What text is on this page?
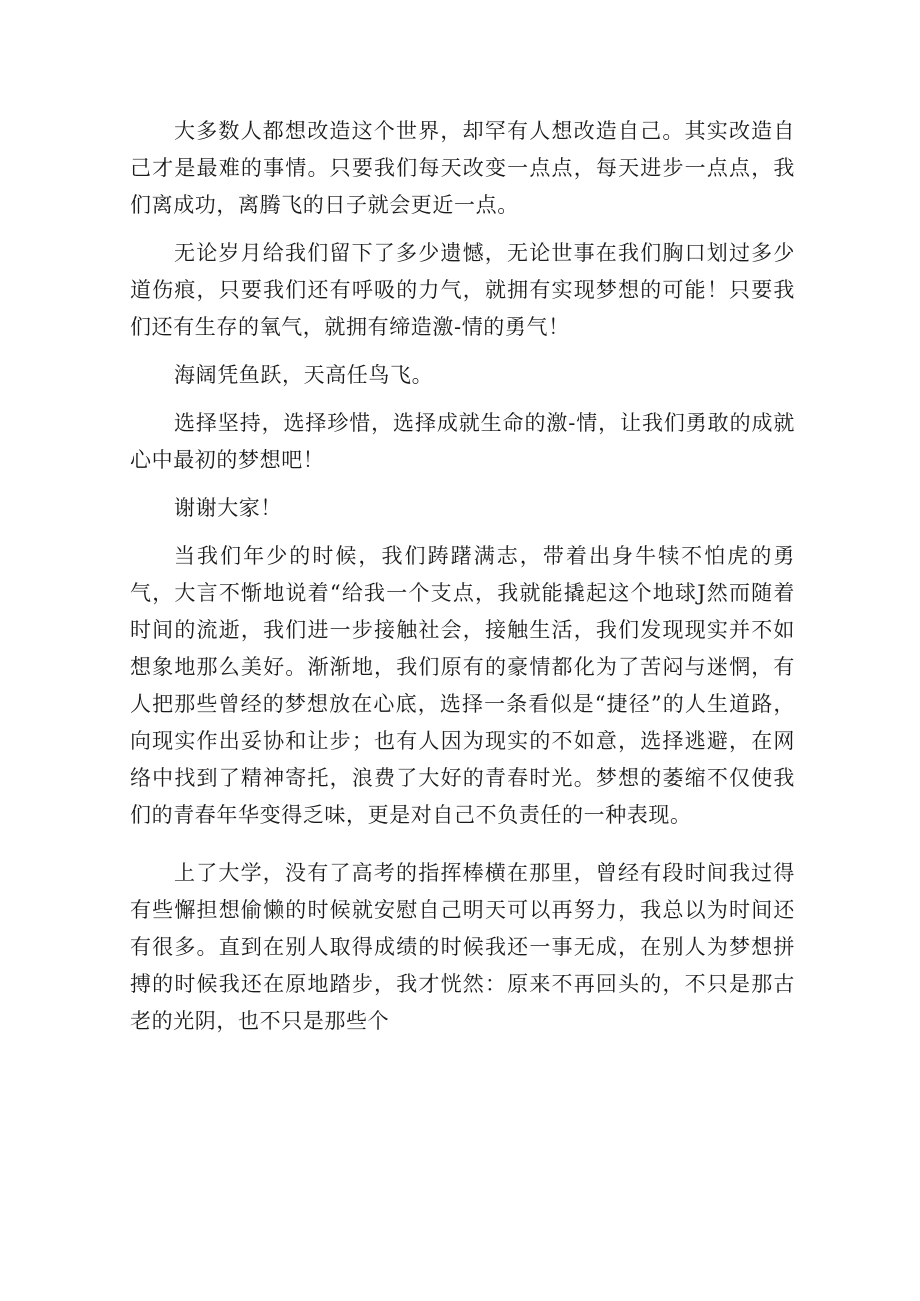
大多数人都想改造这个世界，却罕有人想改造自己。其实改造自己才是最难的事情。只要我们每天改变一点点，每天进步一点点，我们离成功，离腾飞的日子就会更近一点。

无论岁月给我们留下了多少遗憾，无论世事在我们胸口划过多少道伤痕，只要我们还有呼吸的力气，就拥有实现梦想的可能！只要我们还有生存的氧气，就拥有缔造激-情的勇气！

海阔凭鱼跃，天高任鸟飞。

选择坚持，选择珍惜，选择成就生命的激-情，让我们勇敢的成就心中最初的梦想吧！

谢谢大家！

当我们年少的时候，我们踌躇满志，带着出身牛犊不怕虎的勇气，大言不惭地说着“给我一个支点，我就能撬起这个地球J然而随着时间的流逝，我们进一步接触社会，接触生活，我们发现现实并不如想象地那么美好。渐渐地，我们原有的豪情都化为了苦闷与迷惘，有人把那些曾经的梦想放在心底，选择一条看似是“捷径”的人生道路，向现实作出妥协和让步；也有人因为现实的不如意，选择逃避，在网络中找到了精神寄托，浪费了大好的青春时光。梦想的萎缩不仅使我们的青春年华变得乏味，更是对自己不负责任的一种表现。

上了大学，没有了高考的指挥棒横在那里，曾经有段时间我过得有些懈担想偷懒的时候就安慰自己明天可以再努力，我总以为时间还有很多。直到在别人取得成绩的时候我还一事无成，在别人为梦想拼搏的时候我还在原地踏步，我才恍然：原来不再回头的，不只是那古老的光阴，也不只是那些个
